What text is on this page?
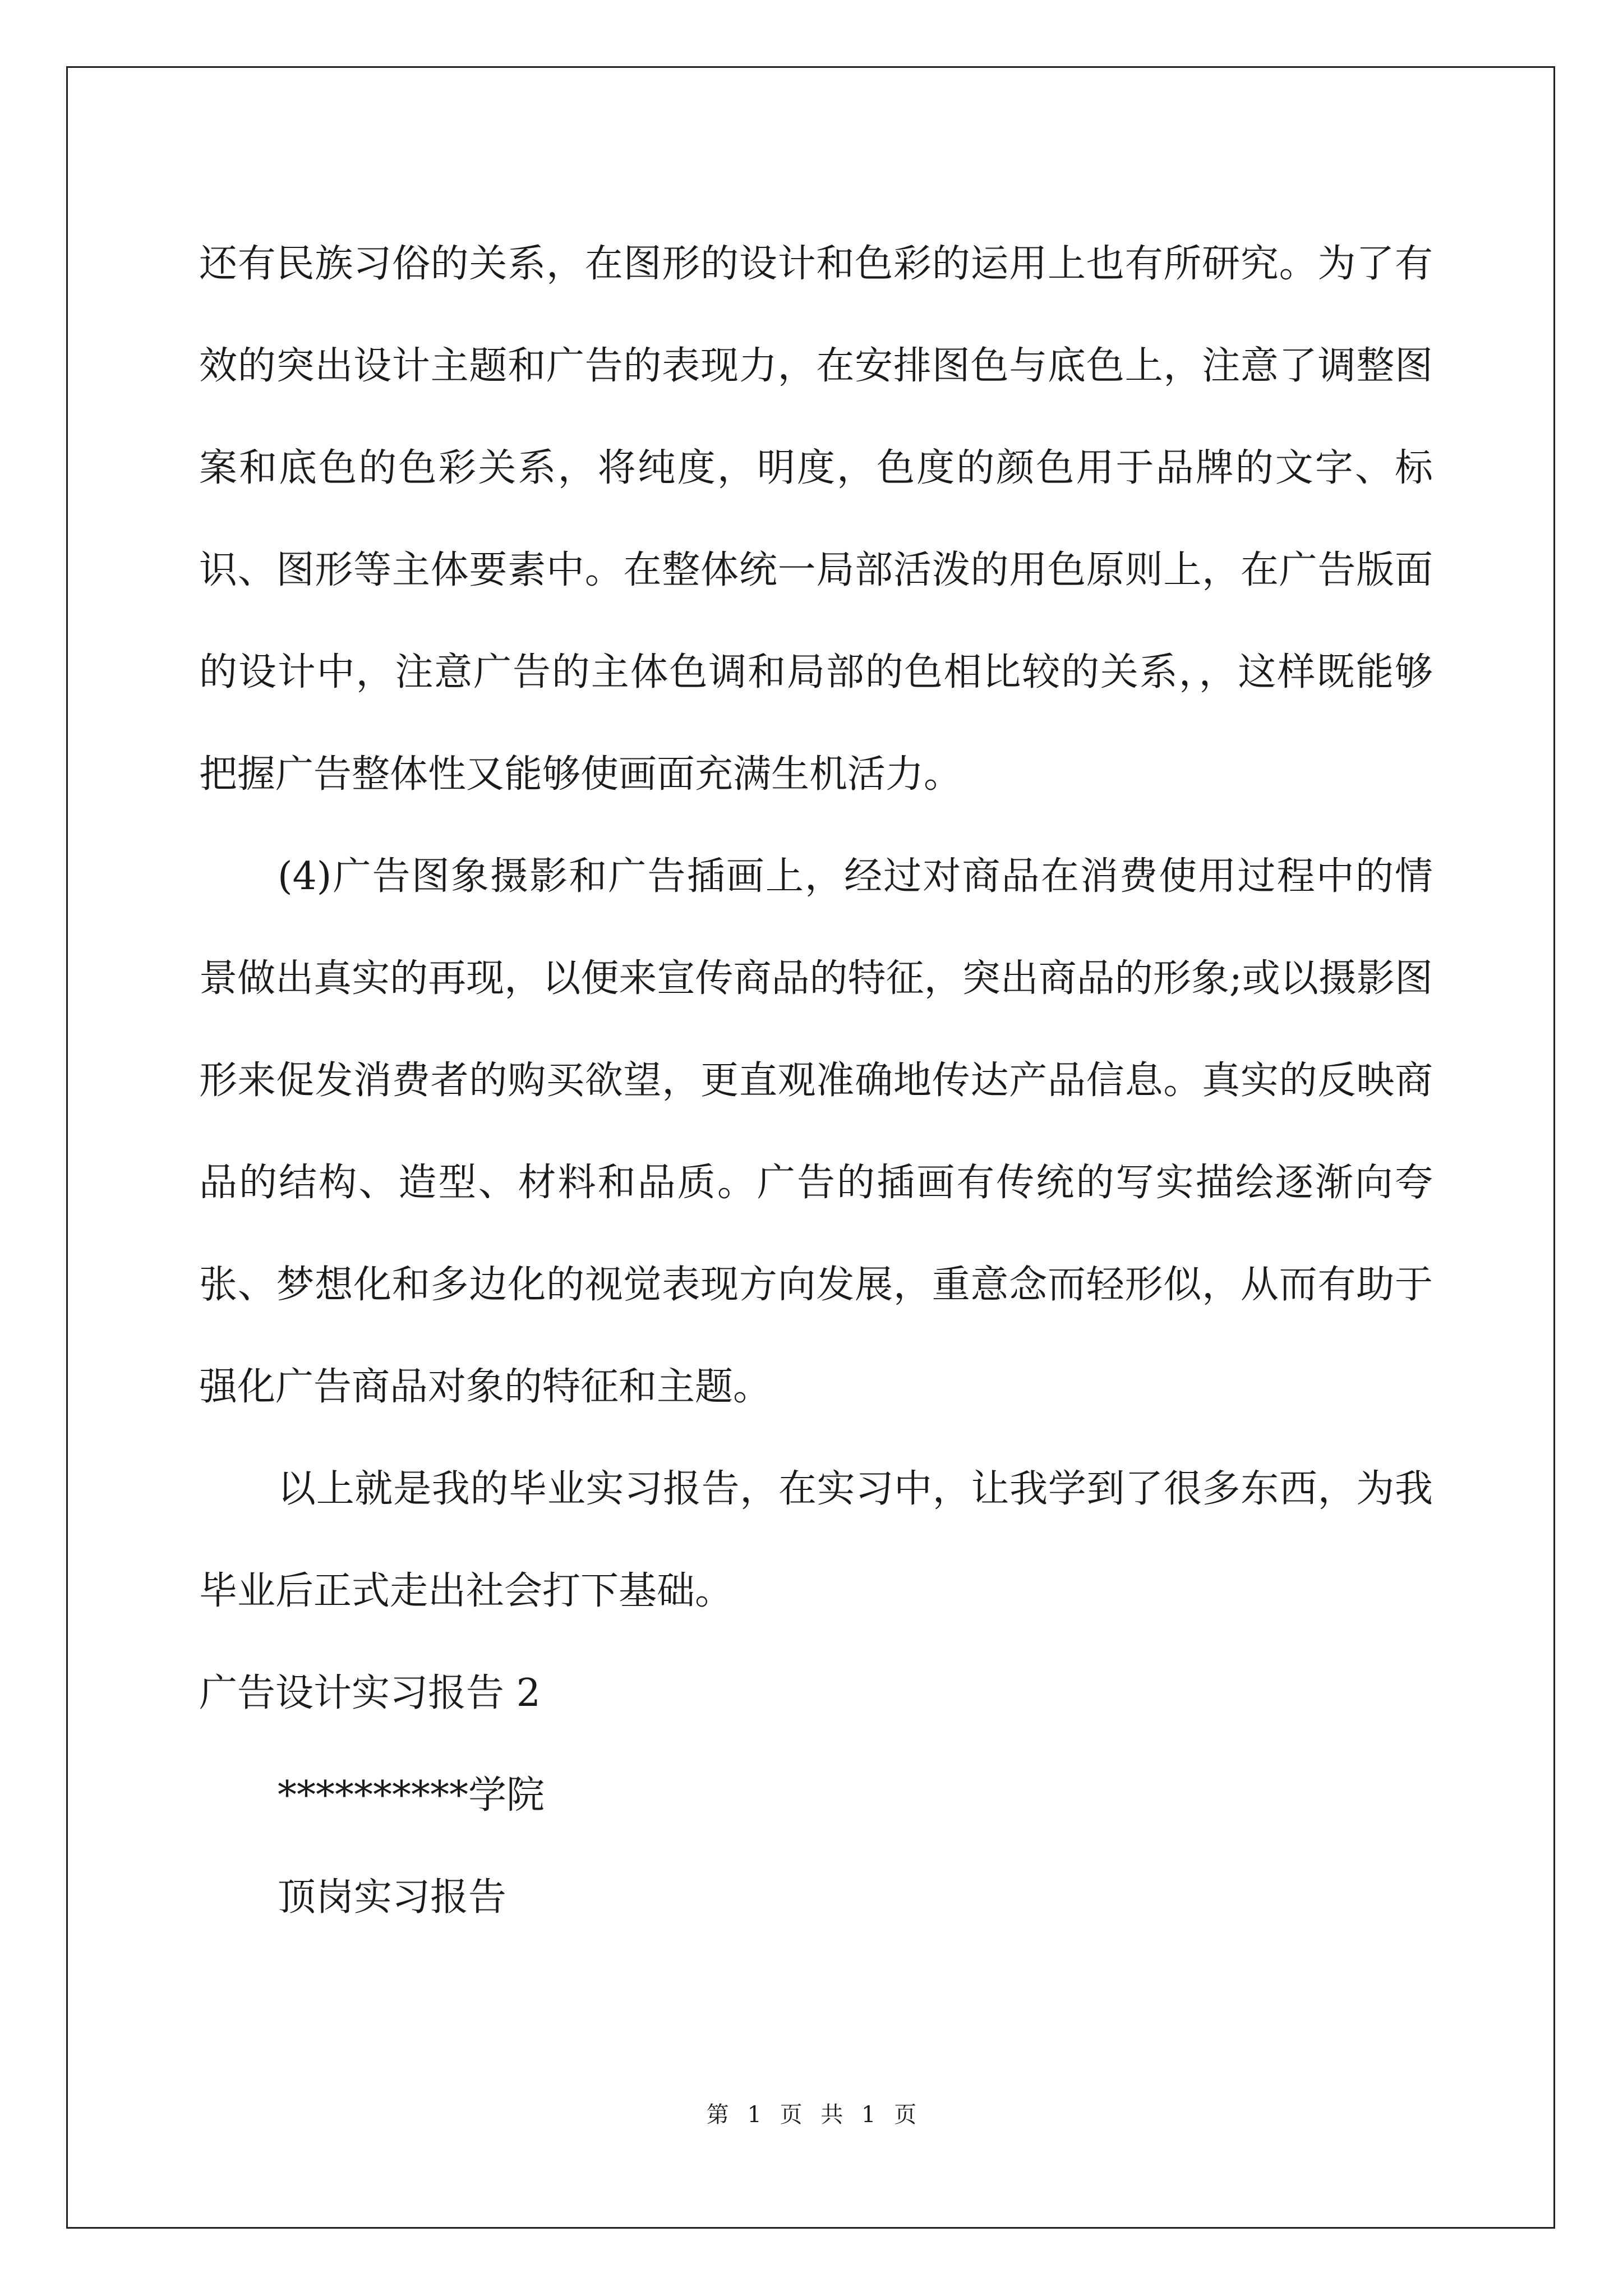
还有民族习俗的关系，在图形的设计和色彩的运用上也有所研究。为了有效的突出设计主题和广告的表现力，在安排图色与底色上，注意了调整图案和底色的色彩关系，将纯度，明度，色度的颜色用于品牌的文字、标识、图形等主体要素中。在整体统一局部活泼的用色原则上，在广告版面的设计中，注意广告的主体色调和局部的色相比较的关系，，这样既能够把握广告整体性又能够使画面充满生机活力。

(4)广告图象摄影和广告插画上，经过对商品在消费使用过程中的情景做出真实的再现，以便来宣传商品的特征，突出商品的形象;或以摄影图形来促发消费者的购买欲望，更直观准确地传达产品信息。真实的反映商品的结构、造型、材料和品质。广告的插画有传统的写实描绘逐渐向夸张、梦想化和多边化的视觉表现方向发展，重意念而轻形似，从而有助于强化广告商品对象的特征和主题。

以上就是我的毕业实习报告，在实习中，让我学到了很多东西，为我毕业后正式走出社会打下基础。

广告设计实习报告 2

**********学院

顶岗实习报告

第 1 页 共 1 页
